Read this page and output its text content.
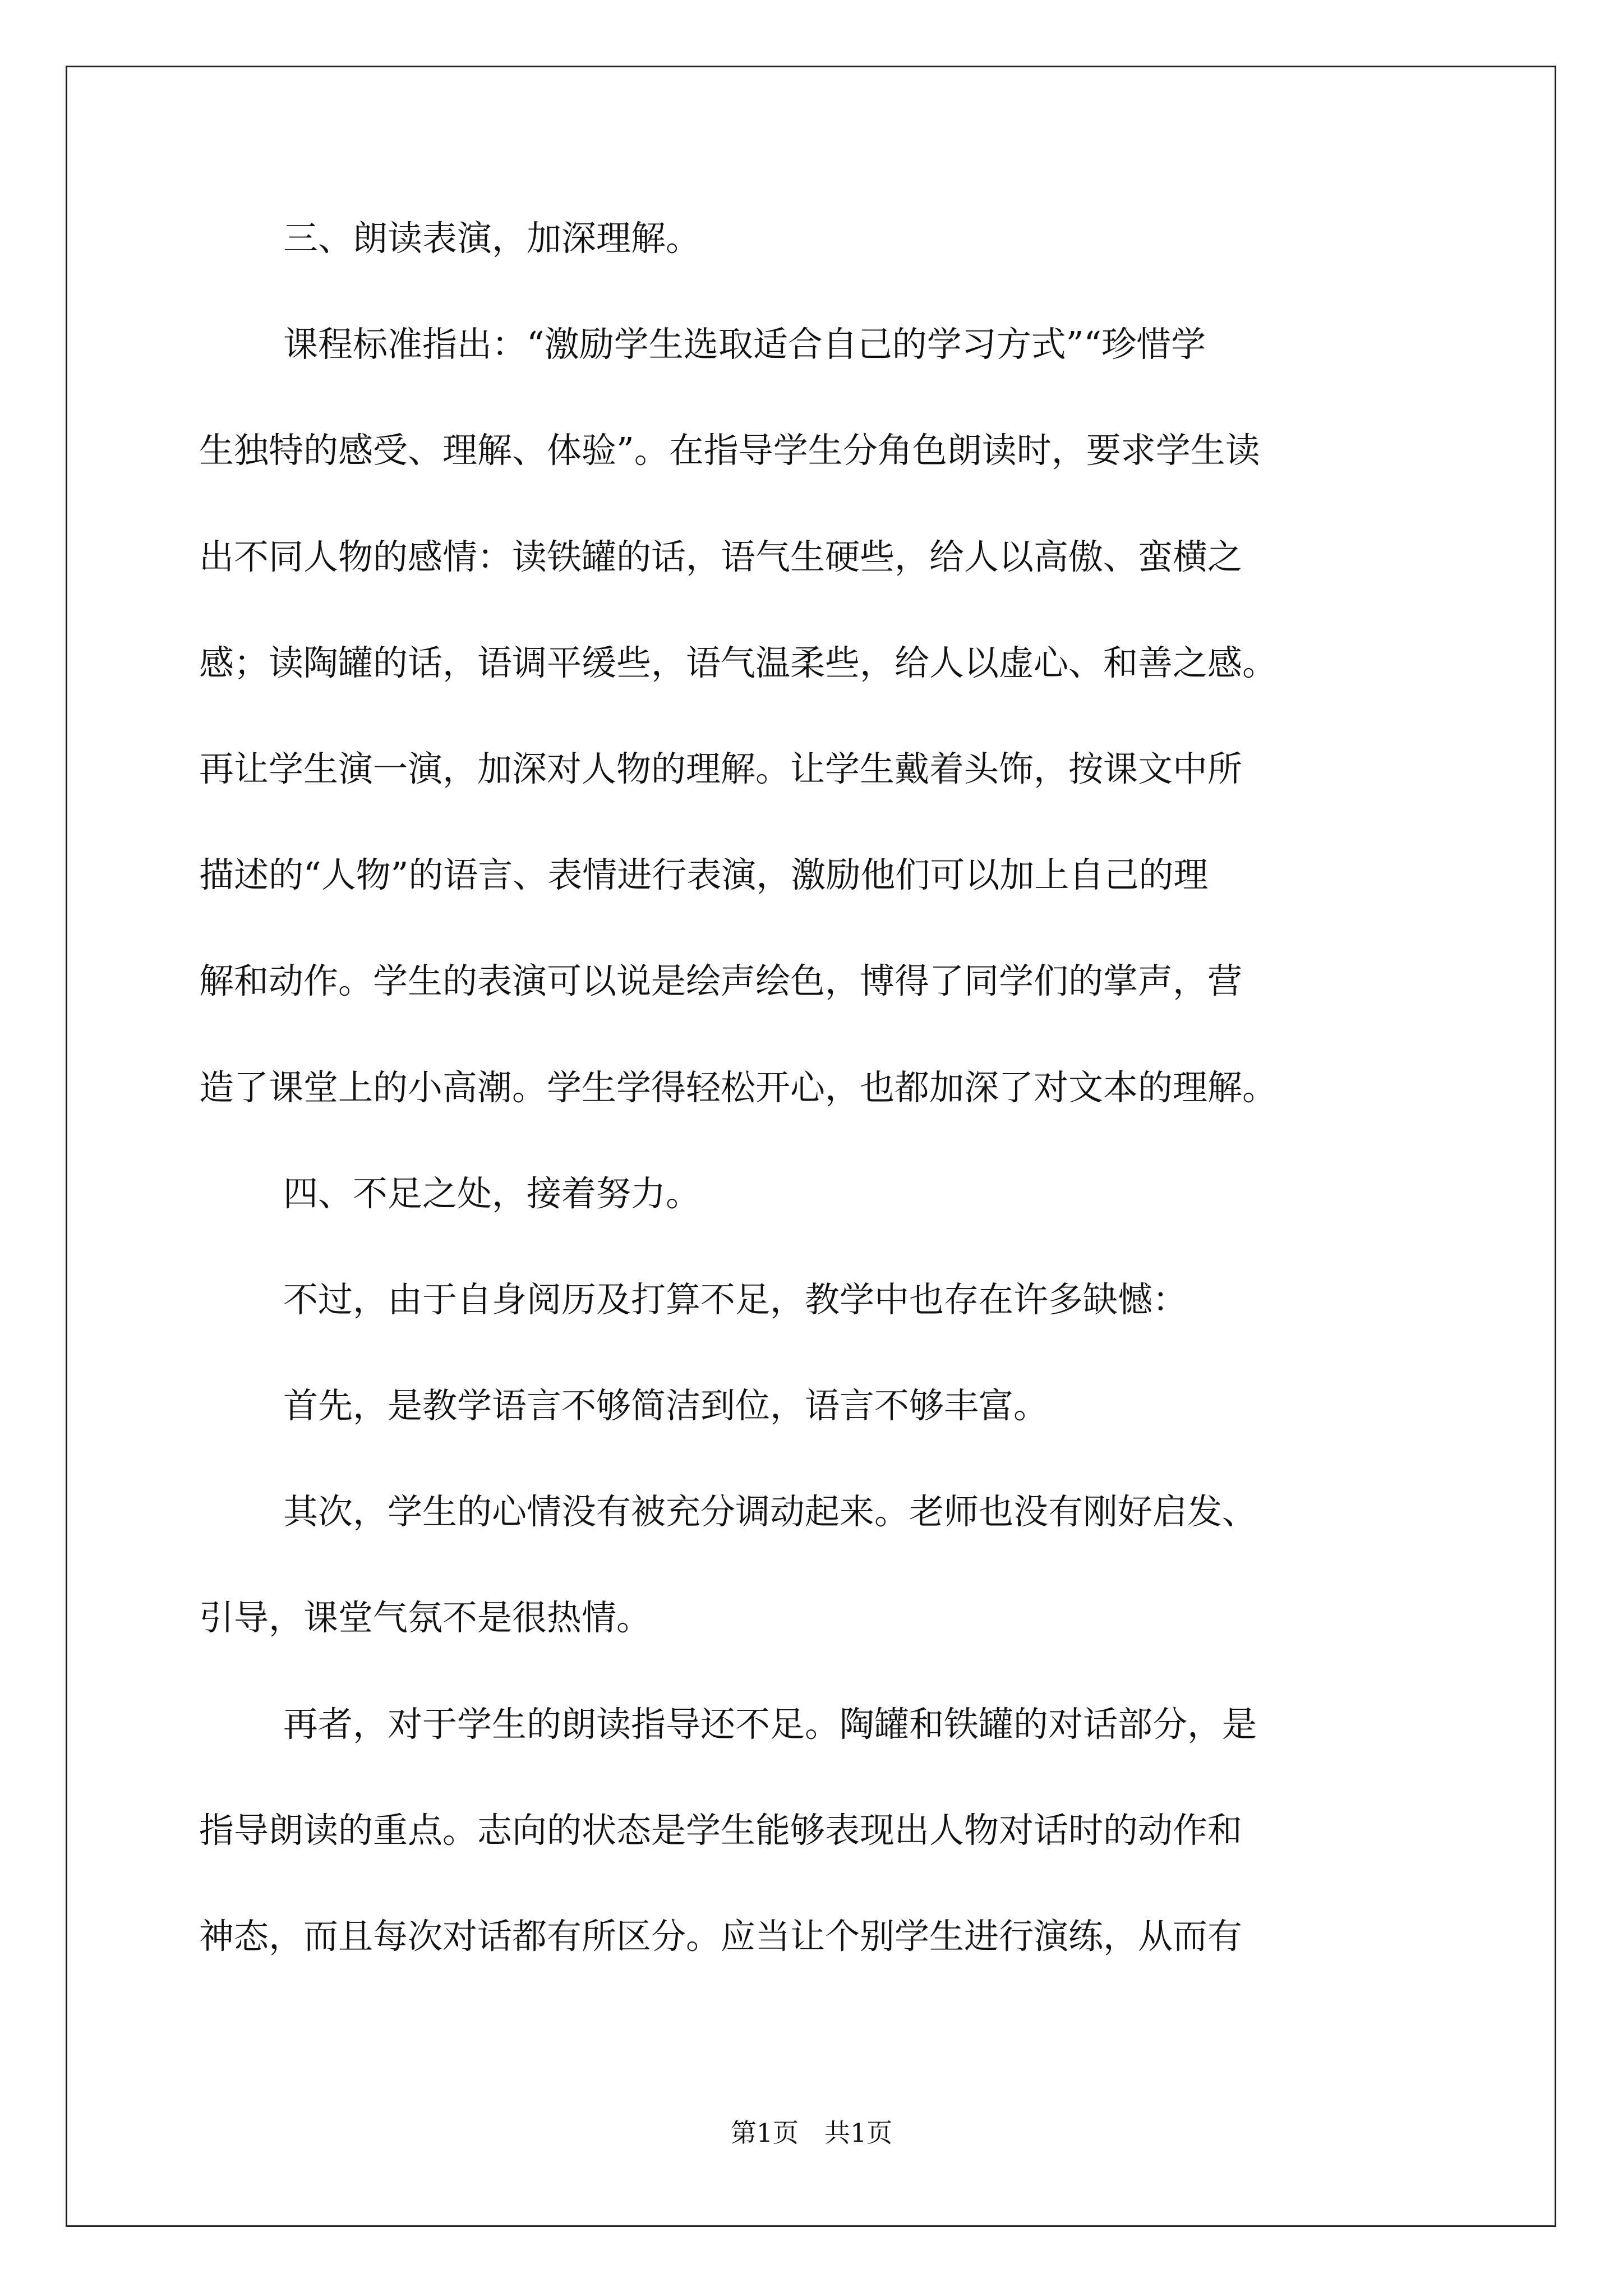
三、朗读表演，加深理解。
课程标准指出：“激励学生选取适合自己的学习方式”“珍惜学
生独特的感受、理解、体验”。在指导学生分角色朗读时，要求学生读
出不同人物的感情：读铁罐的话，语气生硬些，给人以高傲、蛮横之
感；读陶罐的话，语调平缓些，语气温柔些，给人以虚心、和善之感。
再让学生演一演，加深对人物的理解。让学生戴着头饰，按课文中所
描述的“人物”的语言、表情进行表演，激励他们可以加上自己的理
解和动作。学生的表演可以说是绘声绘色，博得了同学们的掌声，营
造了课堂上的小高潮。学生学得轻松开心，也都加深了对文本的理解。
四、不足之处，接着努力。
不过，由于自身阅历及打算不足，教学中也存在许多缺憾：
首先，是教学语言不够简洁到位，语言不够丰富。
其次，学生的心情没有被充分调动起来。老师也没有刚好启发、
引导，课堂气氛不是很热情。
再者，对于学生的朗读指导还不足。陶罐和铁罐的对话部分，是
指导朗读的重点。志向的状态是学生能够表现出人物对话时的动作和
神态，而且每次对话都有所区分。应当让个别学生进行演练，从而有
第1页　共1页
